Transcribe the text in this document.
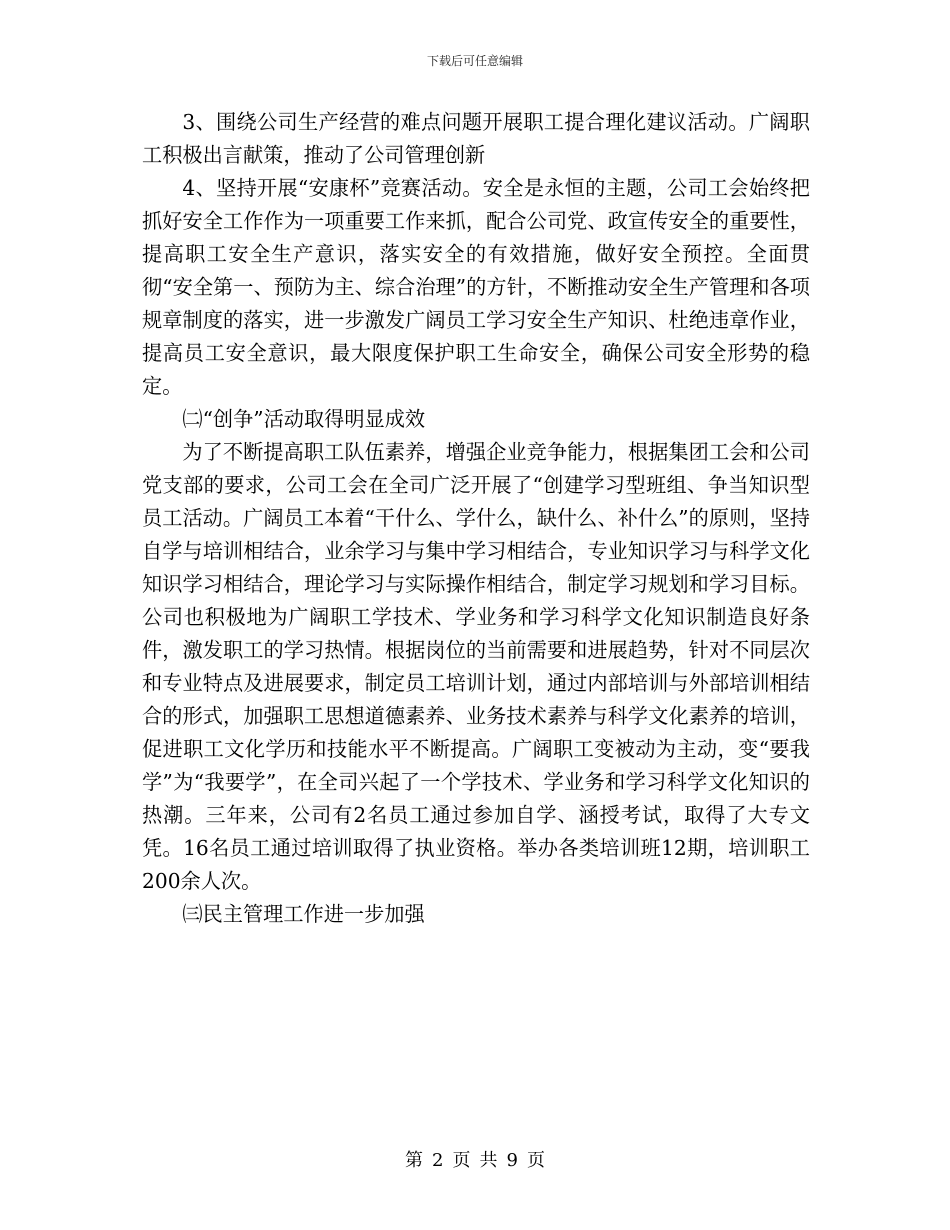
下载后可任意编辑

3、围绕公司生产经营的难点问题开展职工提合理化建议活动。广阔职工积极出言献策，推动了公司管理创新

4、坚持开展“安康杯”竞赛活动。安全是永恒的主题，公司工会始终把抓好安全工作作为一项重要工作来抓，配合公司党、政宣传安全的重要性，提高职工安全生产意识，落实安全的有效措施，做好安全预控。全面贯彻“安全第一、预防为主、综合治理”的方针，不断推动安全生产管理和各项规章制度的落实，进一步激发广阔员工学习安全生产知识、杜绝违章作业，提高员工安全意识，最大限度保护职工生命安全，确保公司安全形势的稳定。

㈡“创争”活动取得明显成效

为了不断提高职工队伍素养，增强企业竞争能力，根据集团工会和公司党支部的要求，公司工会在全司广泛开展了“创建学习型班组、争当知识型员工活动。广阔员工本着“干什么、学什么，缺什么、补什么”的原则，坚持自学与培训相结合，业余学习与集中学习相结合，专业知识学习与科学文化知识学习相结合，理论学习与实际操作相结合，制定学习规划和学习目标。公司也积极地为广阔职工学技术、学业务和学习科学文化知识制造良好条件，激发职工的学习热情。根据岗位的当前需要和进展趋势，针对不同层次和专业特点及进展要求，制定员工培训计划，通过内部培训与外部培训相结合的形式，加强职工思想道德素养、业务技术素养与科学文化素养的培训，促进职工文化学历和技能水平不断提高。广阔职工变被动为主动，变“要我学”为“我要学”，在全司兴起了一个学技术、学业务和学习科学文化知识的热潮。三年来，公司有2名员工通过参加自学、涵授考试，取得了大专文凭。16名员工通过培训取得了执业资格。举办各类培训班12期，培训职工200余人次。

㈢民主管理工作进一步加强

第 2 页 共 9 页
